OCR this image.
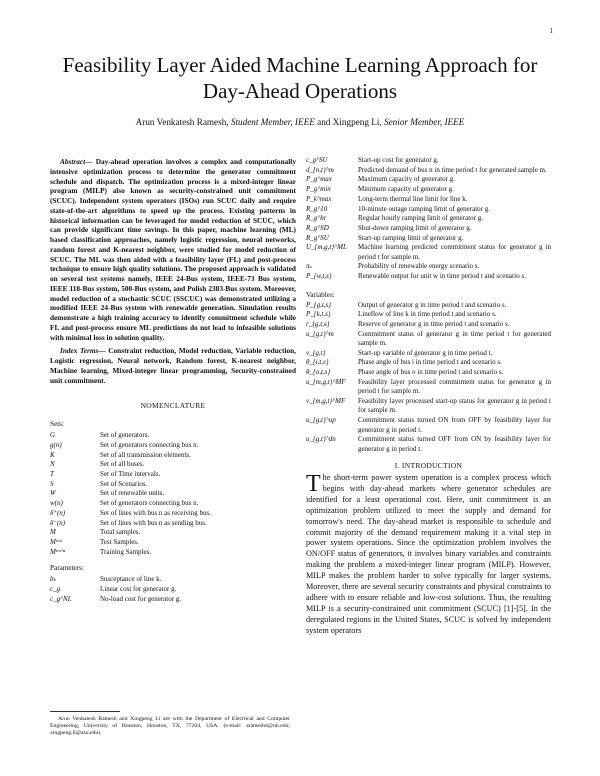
1
Feasibility Layer Aided Machine Learning Approach for Day-Ahead Operations
Arun Venkatesh Ramesh, Student Member, IEEE and Xingpeng Li, Senior Member, IEEE

Abstract— Day-ahead operation involves a complex and computationally intensive optimization process to determine the generator commitment schedule and dispatch. The optimization process is a mixed-integer linear program (MILP) also known as security-constrained unit commitment (SCUC). Independent system operators (ISOs) run SCUC daily and require state-of-the-art algorithms to speed up the process. Existing patterns in historical information can be leveraged for model reduction of SCUC, which can provide significant time savings. In this paper, machine learning (ML) based classification approaches, namely logistic regression, neural networks, random forest and K-nearest neighbor, were studied for model reduction of SCUC. The ML was then aided with a feasibility layer (FL) and post-process technique to ensure high quality solutions. The proposed approach is validated on several test systems namely, IEEE 24-Bus system, IEEE-73 Bus system, IEEE 118-Bus system, 500-Bus system, and Polish 2383-Bus system. Moreover, model reduction of a stochastic SCUC (SSCUC) was demonstrated utilizing a modified IEEE 24-Bus system with renewable generation. Simulation results demonstrate a high training accuracy to identify commitment schedule while FL and post-process ensure ML predictions do not lead to infeasible solutions with minimal loss in solution quality.

Index Terms— Constraint reduction, Model reduction, Variable reduction, Logistic regression, Neural network, Random forest, K-nearest neighbor, Machine learning, Mixed-integer linear programming, Security-constrained unit commitment.

NOMENCLATURE
Sets:
G	Set of generators.
g(n)	Set of generators connecting bus n.
K	Set of all transmission elements.
N	Set of all buses.
T	Set of Time intervals.
S	Set of Scenarios.
W	Set of renewable units.
w(n)	Set of generators connecting bus n.
δ⁺(n)	Set of lines with bus n as receiving bus.
δ⁻(n)	Set of lines with bus n as sending bus.
M	Total samples.
Mᵗᵉˢᵗ	Test Samples.
Mᵗʳᵃⁱⁿ	Training Samples.
Parameters:
bₖ	Susceptance of line k.
c_g	Linear cost for generator g.
c_g^NL	No-load cost for generator g.
c_g^SU	Start-up cost for generator g.
d_{n,t}^m	Predicted demand of bus n in time period t for generated sample m.
P_g^max	Maximum capacity of generator g.
P_g^min	Minimum capacity of generator g.
P_k^max	Long-term thermal line limit for line k.
R_g^10	10-minute outage ramping limit of generator g.
R_g^hr	Regular hourly ramping limit of generator g.
R_g^SD	Shut-down ramping limit of generator g.
R_g^SU	Start-up ramping limit of generator g.
U_{m,g,t}^ML	Machine learning predicted commitment status for generator g in period t for sample m.
πₛ	Probability of renewable energy scenario s.
P_{w,t,s}	Renewable output for unit w in time period t and scenario s.
Variables:
P_{g,t,s}	Output of generator g in time period t and scenario s.
P_{k,t,s}	Lineflow of line k in time period t and scenario s.
r_{g,t,s}	Reserve of generator g in time period t and scenario s.
u_{g,t}^m	Commitment status of generator g in time period t for generated sample m.
v_{g,t}	Start-up variable of generator g in time period t.
θ_{i,t,s}	Phase angle of bus i in time period t and scenario s.
θ_{o,t,s}	Phase angle of bus o in time period t and scenario s.
u_{m,g,t}^MF	Feasibility layer processed commitment status for generator g in period t for sample m.
v_{m,g,t}^MF	Feasibility layer processed start-up status for generator g in period t for sample m.
u_{g,t}^up	Commitment status turned ON from OFF by feasibility layer for generator g in period t.
u_{g,t}^dn	Commitment status turned OFF from ON by feasibility layer for generator g in period t.
I. INTRODUCTION

The short-term power system operation is a complex process which begins with day-ahead markets where generator schedules are identified for a least operational cost. Here, unit commitment is an optimization problem utilized to meet the supply and demand for tomorrow's need. The day-ahead market is responsible to schedule and commit majority of the demand requirement making it a vital step in power system operations. Since the optimization problem involves the ON/OFF status of generators, it involves binary variables and constraints making the problem a mixed-integer linear program (MILP). However, MILP makes the problem harder to solve typically for larger systems. Moreover, there are several security constraints and physical constraints to adhere with to ensure reliable and low-cost solutions. Thus, the resulting MILP is a security-constrained unit commitment (SCUC) [1]-[5]. In the deregulated regions in the United States, SCUC is solved by independent system operators

Arun Venkatesh Ramesh and Xingpeng Li are with the Department of Electrical and Computer Engineering, University of Houston, Houston, TX, 77204, USA. (e-mail: aramesh4@uh.edu; xingpeng.li@asu.edu).
